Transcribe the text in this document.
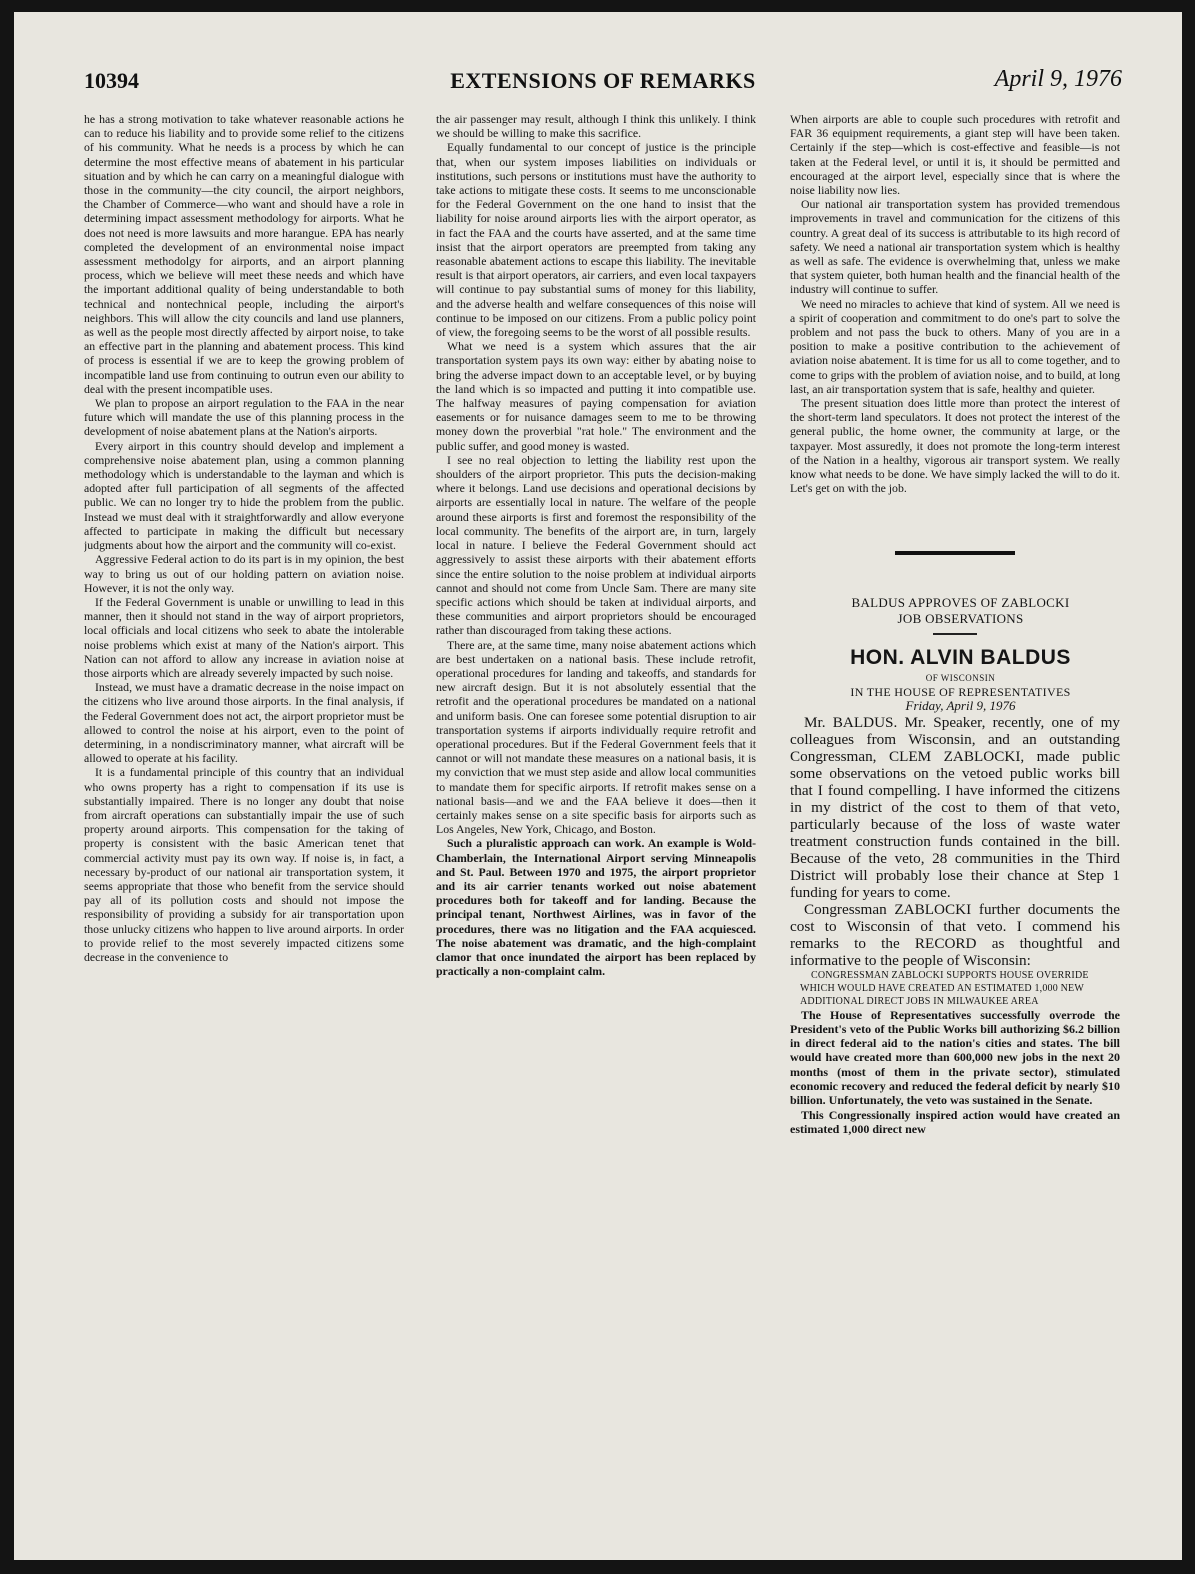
10394	EXTENSIONS OF REMARKS	April 9, 1976

he has a strong motivation to take whatever reasonable actions he can to reduce his liability and to provide some relief to the citizens of his community. What he needs is a process by which he can determine the most effective means of abatement in his particular situation and by which he can carry on a meaningful dialogue with those in the community—the city council, the airport neighbors, the Chamber of Commerce—who want and should have a role in determining impact assessment methodology for airports. What he does not need is more lawsuits and more harangue. EPA has nearly completed the development of an environmental noise impact assessment methodolgy for airports, and an airport planning process, which we believe will meet these needs and which have the important additional quality of being understandable to both technical and nontechnical people, including the airport's neighbors. This will allow the city councils and land use planners, as well as the people most directly affected by airport noise, to take an effective part in the planning and abatement process. This kind of process is essential if we are to keep the growing problem of incompatible land use from continuing to outrun even our ability to deal with the present incompatible uses.

We plan to propose an airport regulation to the FAA in the near future which will mandate the use of this planning process in the development of noise abatement plans at the Nation's airports.

Every airport in this country should develop and implement a comprehensive noise abatement plan, using a common planning methodology which is understandable to the layman and which is adopted after full participation of all segments of the affected public. We can no longer try to hide the problem from the public. Instead we must deal with it straightforwardly and allow everyone affected to participate in making the difficult but necessary judgments about how the airport and the community will co-exist.

Aggressive Federal action to do its part is in my opinion, the best way to bring us out of our holding pattern on aviation noise. However, it is not the only way.

If the Federal Government is unable or unwilling to lead in this manner, then it should not stand in the way of airport proprietors, local officials and local citizens who seek to abate the intolerable noise problems which exist at many of the Nation's airport. This Nation can not afford to allow any increase in aviation noise at those airports which are already severely impacted by such noise.

Instead, we must have a dramatic decrease in the noise impact on the citizens who live around those airports. In the final analysis, if the Federal Government does not act, the airport proprietor must be allowed to control the noise at his airport, even to the point of determining, in a nondiscriminatory manner, what aircraft will be allowed to operate at his facility.

It is a fundamental principle of this country that an individual who owns property has a right to compensation if its use is substantially impaired. There is no longer any doubt that noise from aircraft operations can substantially impair the use of such property around airports. This compensation for the taking of property is consistent with the basic American tenet that commercial activity must pay its own way. If noise is, in fact, a necessary by-product of our national air transportation system, it seems appropriate that those who benefit from the service should pay all of its pollution costs and should not impose the responsibility of providing a subsidy for air transportation upon those unlucky citizens who happen to live around airports. In order to provide relief to the most severely impacted citizens some decrease in the convenience to

the air passenger may result, although I think this unlikely. I think we should be willing to make this sacrifice.

Equally fundamental to our concept of justice is the principle that, when our system imposes liabilities on individuals or institutions, such persons or institutions must have the authority to take actions to mitigate these costs. It seems to me unconscionable for the Federal Government on the one hand to insist that the liability for noise around airports lies with the airport operator, as in fact the FAA and the courts have asserted, and at the same time insist that the airport operators are preempted from taking any reasonable abatement actions to escape this liability. The inevitable result is that airport operators, air carriers, and even local taxpayers will continue to pay substantial sums of money for this liability, and the adverse health and welfare consequences of this noise will continue to be imposed on our citizens. From a public policy point of view, the foregoing seems to be the worst of all possible results.

What we need is a system which assures that the air transportation system pays its own way: either by abating noise to bring the adverse impact down to an acceptable level, or by buying the land which is so impacted and putting it into compatible use. The halfway measures of paying compensation for aviation easements or for nuisance damages seem to me to be throwing money down the proverbial "rat hole." The environment and the public suffer, and good money is wasted.

I see no real objection to letting the liability rest upon the shoulders of the airport proprietor. This puts the decision-making where it belongs. Land use decisions and operational decisions by airports are essentially local in nature. The welfare of the people around these airports is first and foremost the responsibility of the local community. The benefits of the airport are, in turn, largely local in nature. I believe the Federal Government should act aggressively to assist these airports with their abatement efforts since the entire solution to the noise problem at individual airports cannot and should not come from Uncle Sam. There are many site specific actions which should be taken at individual airports, and these communities and airport proprietors should be encouraged rather than discouraged from taking these actions.

There are, at the same time, many noise abatement actions which are best undertaken on a national basis. These include retrofit, operational procedures for landing and takeoffs, and standards for new aircraft design. But it is not absolutely essential that the retrofit and the operational procedures be mandated on a national and uniform basis. One can foresee some potential disruption to air transportation systems if airports individually require retrofit and operational procedures. But if the Federal Government feels that it cannot or will not mandate these measures on a national basis, it is my conviction that we must step aside and allow local communities to mandate them for specific airports. If retrofit makes sense on a national basis—and we and the FAA believe it does—then it certainly makes sense on a site specific basis for airports such as Los Angeles, New York, Chicago, and Boston.

Such a pluralistic approach can work. An example is Wold-Chamberlain, the International Airport serving Minneapolis and St. Paul. Between 1970 and 1975, the airport proprietor and its air carrier tenants worked out noise abatement procedures both for takeoff and for landing. Because the principal tenant, Northwest Airlines, was in favor of the procedures, there was no litigation and the FAA acquiesced. The noise abatement was dramatic, and the high-complaint clamor that once inundated the airport has been replaced by practically a non-complaint calm.

When airports are able to couple such procedures with retrofit and FAR 36 equipment requirements, a giant step will have been taken. Certainly if the step—which is cost-effective and feasible—is not taken at the Federal level, or until it is, it should be permitted and encouraged at the airport level, especially since that is where the noise liability now lies.

Our national air transportation system has provided tremendous improvements in travel and communication for the citizens of this country. A great deal of its success is attributable to its high record of safety. We need a national air transportation system which is healthy as well as safe. The evidence is overwhelming that, unless we make that system quieter, both human health and the financial health of the industry will continue to suffer.

We need no miracles to achieve that kind of system. All we need is a spirit of cooperation and commitment to do one's part to solve the problem and not pass the buck to others. Many of you are in a position to make a positive contribution to the achievement of aviation noise abatement. It is time for us all to come together, and to come to grips with the problem of aviation noise, and to build, at long last, an air transportation system that is safe, healthy and quieter.

The present situation does little more than protect the interest of the short-term land speculators. It does not protect the interest of the general public, the home owner, the community at large, or the taxpayer. Most assuredly, it does not promote the long-term interest of the Nation in a healthy, vigorous air transport system. We really know what needs to be done. We have simply lacked the will to do it. Let's get on with the job.

BALDUS APPROVES OF ZABLOCKI

JOB OBSERVATIONS

HON. ALVIN BALDUS

OF WISCONSIN

IN THE HOUSE OF REPRESENTATIVES

Friday, April 9, 1976

Mr. BALDUS. Mr. Speaker, recently, one of my colleagues from Wisconsin, and an outstanding Congressman, CLEM ZABLOCKI, made public some observations on the vetoed public works bill that I found compelling. I have informed the citizens in my district of the cost to them of that veto, particularly because of the loss of waste water treatment construction funds contained in the bill. Because of the veto, 28 communities in the Third District will probably lose their chance at Step 1 funding for years to come.

Congressman ZABLOCKI further documents the cost to Wisconsin of that veto. I commend his remarks to the RECORD as thoughtful and informative to the people of Wisconsin:

CONGRESSMAN ZABLOCKI SUPPORTS HOUSE OVERRIDE WHICH WOULD HAVE CREATED AN ESTIMATED 1,000 NEW ADDITIONAL DIRECT JOBS IN MILWAUKEE AREA

The House of Representatives successfully overrode the President's veto of the Public Works bill authorizing $6.2 billion in direct federal aid to the nation's cities and states. The bill would have created more than 600,000 new jobs in the next 20 months (most of them in the private sector), stimulated economic recovery and reduced the federal deficit by nearly $10 billion. Unfortunately, the veto was sustained in the Senate.

This Congressionally inspired action would have created an estimated 1,000 direct new
